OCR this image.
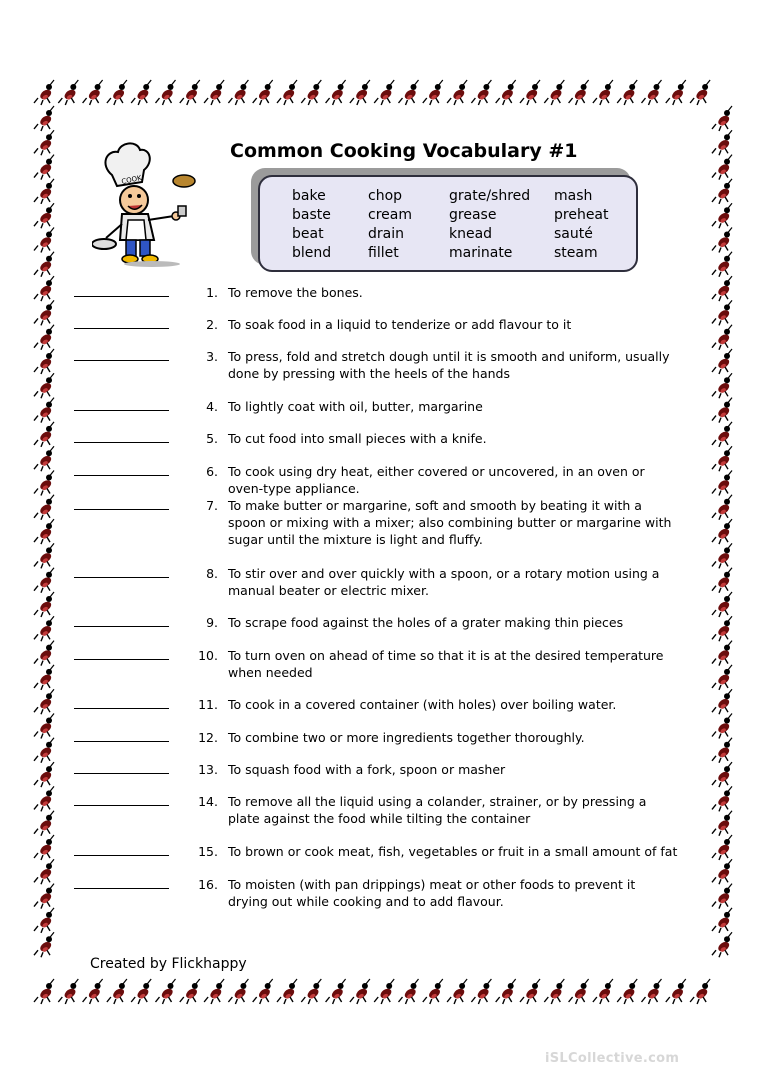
Common Cooking Vocabulary #1
COOK
bake
baste
beat
blend
chop
cream
drain
fillet
grate/shred
grease
knead
marinate
mash
preheat
sauté
steam
1. To remove the bones.
2. To soak food in a liquid to tenderize or add flavour to it
3. To press, fold and stretch dough until it is smooth and uniform, usually done by pressing with the heels of the hands
4. To lightly coat with oil, butter, margarine
5. To cut food into small pieces with a knife.
6. To cook using dry heat, either covered or uncovered, in an oven or oven-type appliance.
7. To make butter or margarine, soft and smooth by beating it with a spoon or mixing with a mixer; also combining butter or margarine with sugar until the mixture is light and fluffy.
8. To stir over and over quickly with a spoon, or a rotary motion using a manual beater or electric mixer.
9. To scrape food against the holes of a grater making thin pieces
10. To turn oven on ahead of time so that it is at the desired temperature when needed
11. To cook in a covered container (with holes) over boiling water.
12. To combine two or more ingredients together thoroughly.
13. To squash food with a fork, spoon or masher
14. To remove all the liquid using a colander, strainer, or by pressing a plate against the food while tilting the container
15. To brown or cook meat, fish, vegetables or fruit in a small amount of fat
16. To moisten (with pan drippings) meat or other foods to prevent it drying out while cooking and to add flavour.
Created by Flickhappy
iSLCollective.com
